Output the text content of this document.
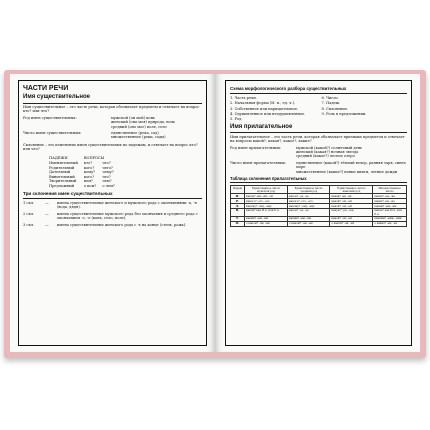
ЧАСТИ РЕЧИ
Имя существительное
Имя существительное – это часть речи, которая обозначает предметы и отвечает на вопрос кто? или что?
Род имен существительных:	мужской (он мой) конь
женский (она моя) природа, ночь
средний (оно мое) поле, село
Число имен существительных:	единственное (река, сад)
множественное (реки, сады)
Склонение – это изменение имен существительных по падежам, и отвечает на вопрос кто? или что?
ПАДЕЖИ	ВОПРОСЫ	
Именительный	кто?	что?
Родительный	кого?	чего?
Дательный	кому?	чему?
Винительный	кого?	что?
Творительный	кем?	чем?
Предложный	о ком?	о чем?
Три склонения имен существительных
1 скл.	—	имена существительные женского и мужского рода с окончаниями -а, -я (вода, дядя).
2 скл.	—	имена существительные мужского рода без окончания и среднего рода с окончанием -о, -е (конь, село, поле).
3 скл.	—	имена существительные женского рода с -ь на конце (степь, рожь).
Схема морфологического разбора существительных
1. Часть речи.
2. Начальная форма (И. п., ед. ч.).
3. Собственное или нарицательное.
4. Одушевленное или неодушевленное.
5. Род.
6. Число.
7. Падеж.
8. Склонение.
9. Роль в предложении.
Имя прилагательное
Имя прилагательное – это часть речи, которая обозначает признаки предметов и отвечает на вопросы какой?, какая?, какое?, какие?
Род имен прилагательных:	мужской (какой?) солнечный день
женский (какая?) ночная звезда
средний (какое?) лесное озеро
Число имен прилагательных:	единственное (какой?) тёплый вечер, ранняя заря, синее море
множественное (какие?) новые книги, летние дожди
Таблица склонения прилагательных
Падеж	Единственное число мужской род	Единственное число средний род	Единственное число женский род	Множественное число
И.	какой? -ый, -ий, -ой	какое? -ое, -ее	какая? -ая, -яя	какие? -ые, -ие
Р.	какого? -ого, -его	какого? -ого, -его	какой? -ой, -ей	каких? -ых, -их
Д.	какому? -ому, -ему	какому? -ому, -ему	какой? -ой, -ей	каким? -ым, -им
В.	какой? как И.п. или Р.п.	какое? -ое, -ее	какую? -ую, -юю	какие? как И.п. или Р.п.
Т.	каким? -ым, -им	каким? -ым, -им	какой? -ой, -ей	какими? -ыми, -ими
П.	о каком? -ом, -ем	о каком? -ом, -ем	о какой? -ой, -ей	о каких? -ых, -их
